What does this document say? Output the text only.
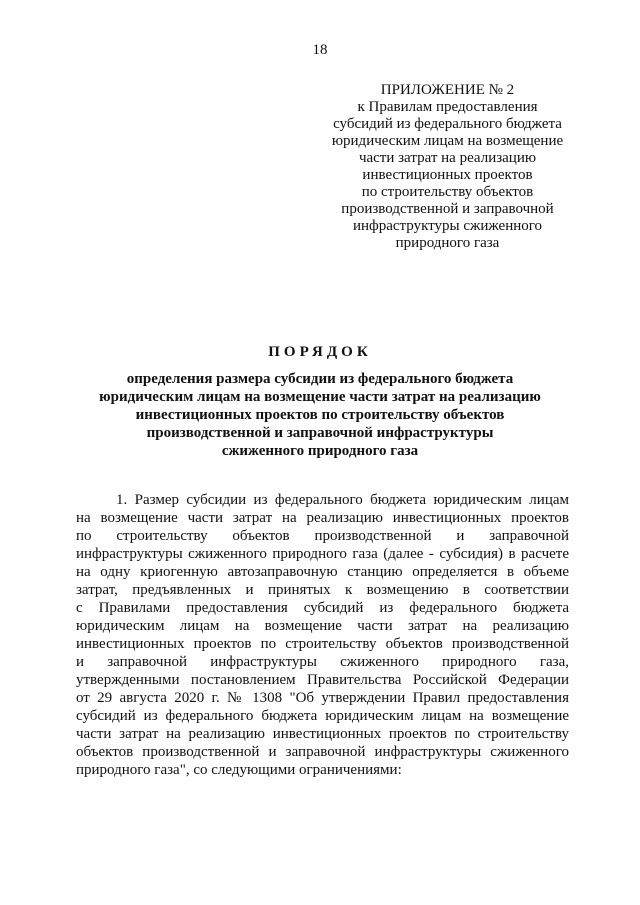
18
ПРИЛОЖЕНИЕ № 2
к Правилам предоставления
субсидий из федерального бюджета
юридическим лицам на возмещение
части затрат на реализацию
инвестиционных проектов
по строительству объектов
производственной и заправочной
инфраструктуры сжиженного
природного газа
ПОРЯДОК
определения размера субсидии из федерального бюджета
юридическим лицам на возмещение части затрат на реализацию
инвестиционных проектов по строительству объектов
производственной и заправочной инфраструктуры
сжиженного природного газа
1. Размер субсидии из федерального бюджета юридическим лицам
на возмещение части затрат на реализацию инвестиционных проектов
по строительству объектов производственной и заправочной
инфраструктуры сжиженного природного газа (далее - субсидия) в расчете
на одну криогенную автозаправочную станцию определяется в объеме
затрат, предъявленных и принятых к возмещению в соответствии
с Правилами предоставления субсидий из федерального бюджета
юридическим лицам на возмещение части затрат на реализацию
инвестиционных проектов по строительству объектов производственной
и заправочной инфраструктуры сжиженного природного газа,
утвержденными постановлением Правительства Российской Федерации
от 29 августа 2020 г. № 1308 "Об утверждении Правил предоставления
субсидий из федерального бюджета юридическим лицам на возмещение
части затрат на реализацию инвестиционных проектов по строительству
объектов производственной и заправочной инфраструктуры сжиженного
природного газа", со следующими ограничениями:
